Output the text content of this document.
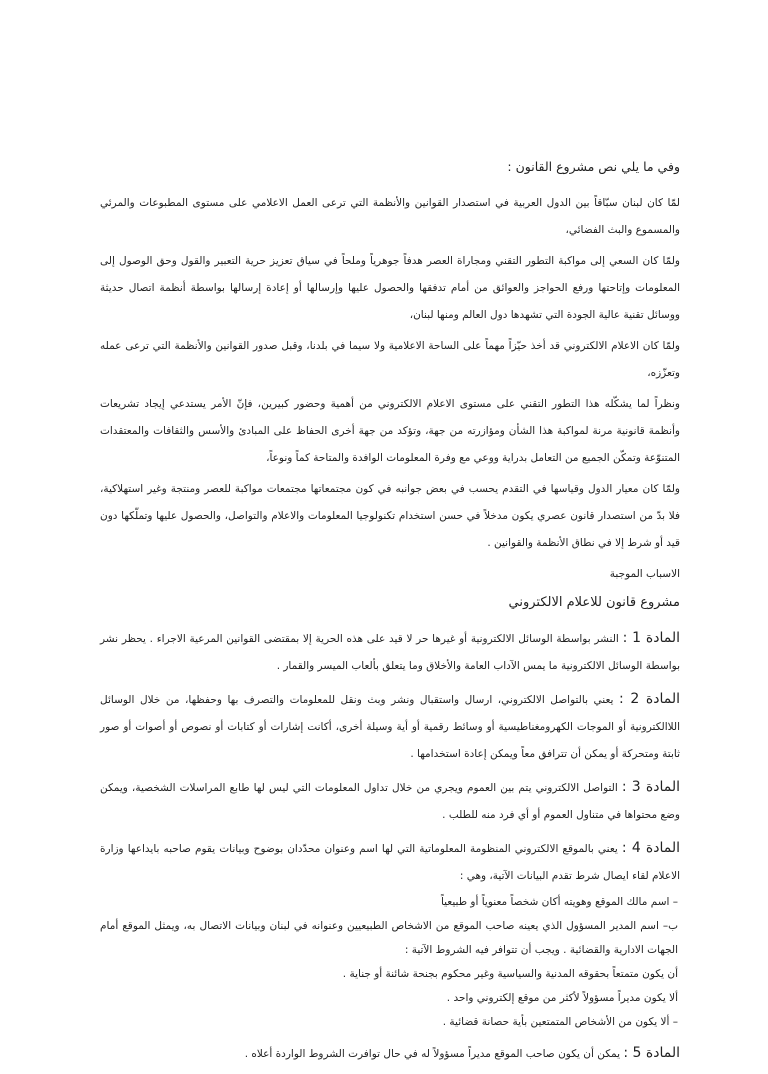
وفي ما يلي نص مشروع القانون :

لمّا كان لبنان سبّاقاً بين الدول العربية في استصدار القوانين والأنظمة التي ترعى العمل الاعلامي على مستوى المطبوعات والمرئي والمسموع والبث الفضائي،

ولمّا كان السعي إلى مواكبة التطور التقني ومجاراة العصر هدفاً جوهرياً وملحاً في سياق تعزيز حرية التعبير والقول وحق الوصول إلى المعلومات وإتاحتها ورفع الحواجز والعوائق من أمام تدفقها والحصول عليها وإرسالها أو إعادة إرسالها بواسطة أنظمة اتصال حديثة ووسائل تقنية عالية الجودة التي تشهدها دول العالم ومنها لبنان،

ولمّا كان الاعلام الالكتروني قد أخذ حيّزاً مهماً على الساحة الاعلامية ولا سيما في بلدنا، وقبل صدور القوانين والأنظمة التي ترعى عمله وتعزّزه،

ونظراً لما يشكّله هذا التطور التقني على مستوى الاعلام الالكتروني من أهمية وحضور كبيرين، فإنّ الأمر يستدعي إيجاد تشريعات وأنظمة قانونية مرنة لمواكبة هذا الشأن ومؤازرته من جهة، وتؤكد من جهة أخرى الحفاظ على المبادئ والأسس والثقافات والمعتقدات المتنوّعة وتمكّن الجميع من التعامل بدراية ووعي مع وفرة المعلومات الوافدة والمتاحة كماً ونوعاً،

ولمّا كان معيار الدول وقياسها في التقدم يحسب في بعض جوانبه في كون مجتمعاتها مجتمعات مواكبة للعصر ومنتجة وغير استهلاكية، فلا بدّ من استصدار قانون عصري يكون مدخلاً في حسن استخدام تكنولوجيا المعلومات والاعلام والتواصل، والحصول عليها وتملّكها دون قيد أو شرط إلا في نطاق الأنظمة والقوانين .

الاسباب الموجبة
مشروع قانون للاعلام الالكتروني

المادة 1 : النشر بواسطة الوسائل الالكترونية أو غيرها حر لا قيد على هذه الحرية إلا بمقتضى القوانين المرعية الاجراء . يحظر نشر بواسطة الوسائل الالكترونية ما يمس الآداب العامة والأخلاق وما يتعلق بألعاب الميسر والقمار .

المادة 2 : يعني بالتواصل الالكتروني، ارسال واستقبال ونشر وبث ونقل للمعلومات والتصرف بها وحفظها، من خلال الوسائل اللاالكترونية أو الموجات الكهرومغناطيسية أو وسائط رقمية أو أية وسيلة أخرى، أكانت إشارات أو كتابات أو نصوص أو أصوات أو صور ثابتة ومتحركة أو يمكن أن تترافق معاً ويمكن إعادة استخدامها .

المادة 3 : التواصل الالكتروني يتم بين العموم ويجري من خلال تداول المعلومات التي ليس لها طابع المراسلات الشخصية، ويمكن وضع محتواها في متناول العموم أو أي فرد منه للطلب .

المادة 4 : يعني بالموقع الالكتروني المنظومة المعلوماتية التي لها اسم وعنوان محدّدان بوضوح وبيانات يقوم صاحبه بايداعها وزارة الاعلام لقاء ايصال شرط تقدم البيانات الآتية، وهي :

– اسم مالك الموقع وهويته أكان شخصاً معنوياً أو طبيعياً

ب– اسم المدير المسؤول الذي يعينه صاحب الموقع من الاشخاص الطبيعيين وعنوانه في لبنان وبيانات الاتصال به، ويمثل الموقع أمام الجهات الادارية والقضائية . ويجب أن تتوافر فيه الشروط الآتية :

أن يكون متمتعاً بحقوقه المدنية والسياسية وغير محكوم بجنحة شائنة أو جناية .

ألا يكون مديراً مسؤولاً لأكثر من موقع إلكتروني واحد .

– ألا يكون من الأشخاص المتمتعين بأية حصانة قضائية .

المادة 5 : يمكن أن يكون صاحب الموقع مديراً مسؤولاً له في حال توافرت الشروط الواردة أعلاه .
